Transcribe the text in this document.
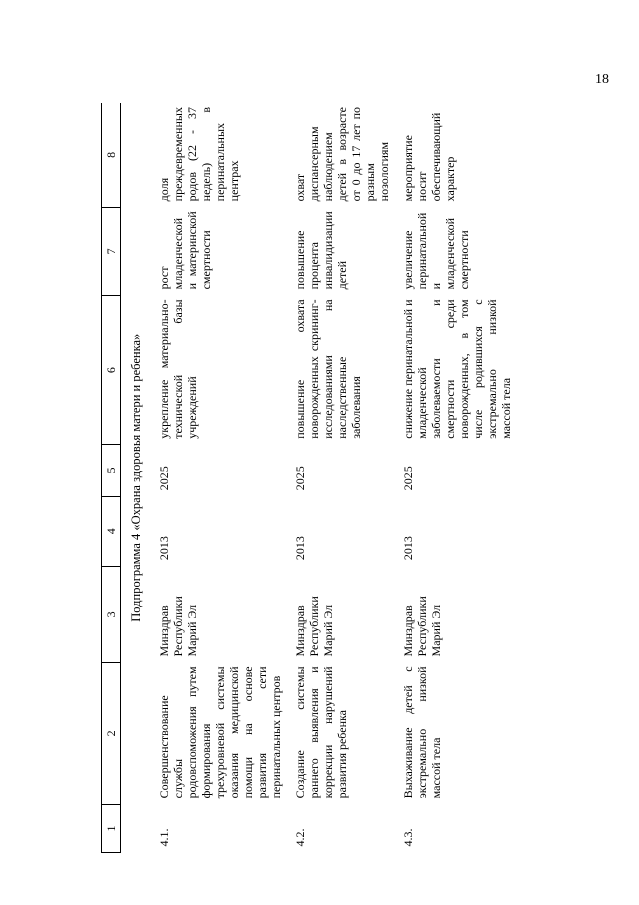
18
1	2	3	4	5	6	7	8
Подпрограмма 4 «Охрана здоровья матери и ребенка»							
4.1.	Совершенствование службы родовспоможения путем формирования трехуровневой системы оказания медицинской помощи на основе развития сети перинатальных центров	Минздрав Республики Марий Эл	2013	2025	укрепление материально-технической базы учреждений	рост младенческой и материнской смертности	доля преждевременных родов (22 - 37 недель) в перинатальных центрах
4.2.	Создание системы раннего выявления и коррекции нарушений развития ребенка	Минздрав Республики Марий Эл	2013	2025	повышение охвата новорожденных скрининг-исследованиями на наследственные заболевания	повышение процента инвалидизации детей	охват диспансерным наблюдением детей в возрасте от 0 до 17 лет по разным нозологиям
4.3.	Выхаживание детей с экстремально низкой массой тела	Минздрав Республики Марий Эл	2013	2025	снижение перинатальной и младенческой заболеваемости и смертности среди новорожденных, в том числе родившихся с экстремально низкой массой тела	увеличение перинатальной и младенческой смертности	мероприятие носит обеспечивающий характер
